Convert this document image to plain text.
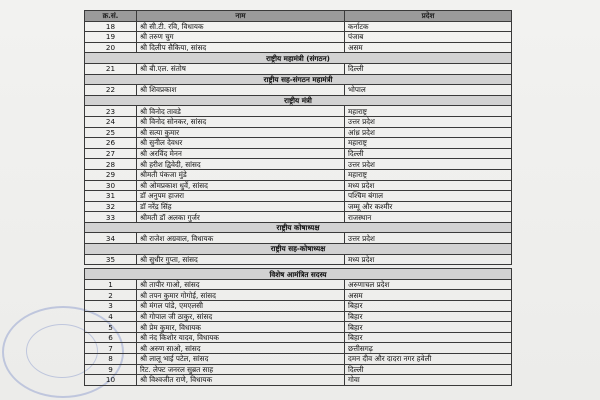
क्र.सं.	नाम	प्रदेश
18	श्री सी.टी. रवि, विधायक	कर्नाटक
19	श्री तरुण चुग	पंजाब
20	श्री दिलीप सैकिया, सांसद	असम
राष्ट्रीय महामंत्री (संगठन)		
21	श्री बी.एल. संतोष	दिल्ली
राष्ट्रीय सह-संगठन महामंत्री		
22	श्री शिवप्रकाश	भोपाल
राष्ट्रीय मंत्री		
23	श्री विनोद तावडे	महाराष्ट्र
24	श्री विनोद सोनकर, सांसद	उत्तर प्रदेश
25	श्री सत्या कुमार	आंध्र प्रदेश
26	श्री सुनील देवधर	महाराष्ट्र
27	श्री अरविंद मेनन	दिल्ली
28	श्री हरीश द्विवेदी, सांसद	उत्तर प्रदेश
29	श्रीमती पंकजा मुंडे	महाराष्ट्र
30	श्री ओमप्रकाश धुर्वे, सांसद	मध्य प्रदेश
31	डॉ अनुपम हाजरा	पश्चिम बंगाल
32	डॉ नरेंद्र सिंह	जम्मू और कश्मीर
33	श्रीमती डॉ अलका गुर्जर	राजस्थान
राष्ट्रीय कोषाध्यक्ष		
34	श्री राजेश अग्रवाल, विधायक	उत्तर प्रदेश
राष्ट्रीय सह-कोषाध्यक्ष		
35	श्री सुधीर गुप्ता, सांसद	मध्य प्रदेश

विशेष आमंत्रित सदस्य		
1	श्री तापीर गाओ, सांसद	अरुणाचल प्रदेश
2	श्री तपन कुमार गोगोई, सांसद	असम
3	श्री मंगल पांडे, एमएलसी	बिहार
4	श्री गोपाल जी ठाकुर, सांसद	बिहार
5	श्री प्रेम कुमार, विधायक	बिहार
6	श्री नंद किशोर यादव, विधायक	बिहार
7	श्री अरुण साओ, सांसद	छत्तीसगढ़
8	श्री लालू भाई पटेल, सांसद	दमन दीव और दादरा नगर हवेली
9	रिट. लेफ्ट जनरल सुब्रत साह	दिल्ली
10	श्री विश्वजीत राणे, विधायक	गोवा
